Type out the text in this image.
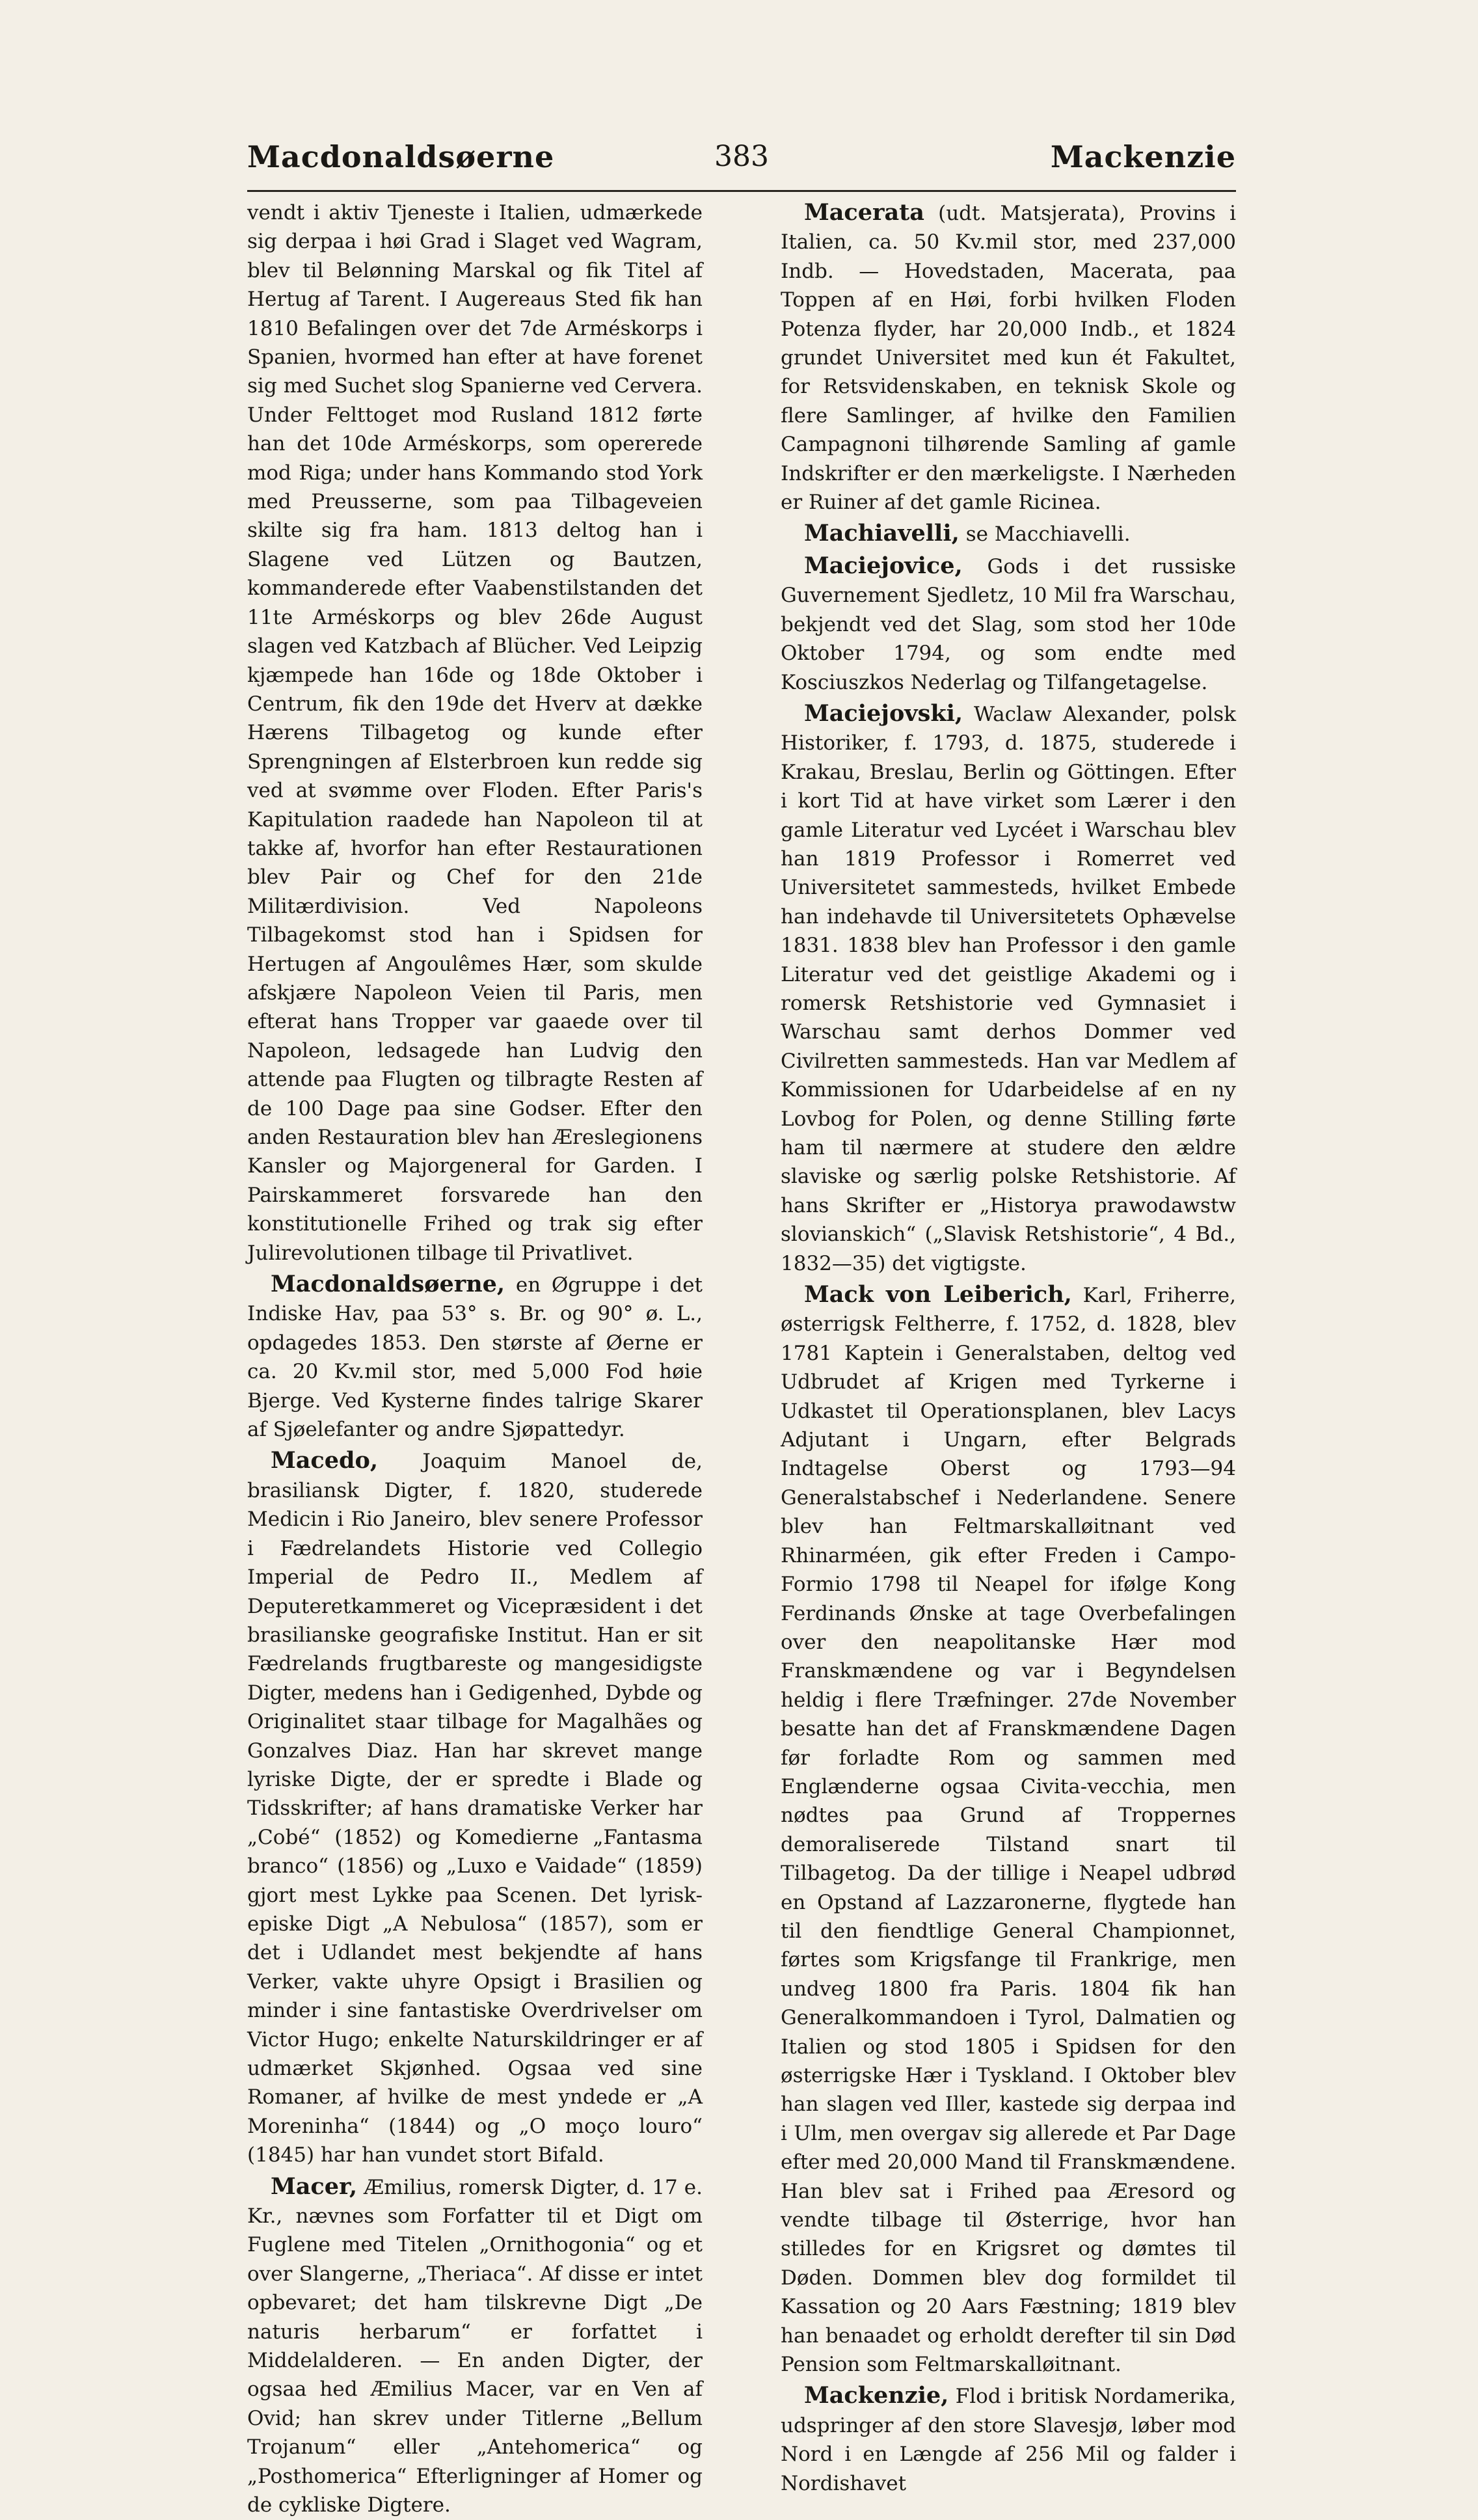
Macdonaldsøerne	383	Mackenzie

vendt i aktiv Tjeneste i Italien, udmærkede sig derpaa i høi Grad i Slaget ved Wagram, blev til Belønning Marskal og fik Titel af Hertug af Tarent. I Augereaus Sted fik han 1810 Befalingen over det 7de Arméskorps i Spanien, hvormed han efter at have forenet sig med Suchet slog Spanierne ved Cervera. Under Felttoget mod Rusland 1812 førte han det 10de Arméskorps, som opererede mod Riga; under hans Kommando stod York med Preusserne, som paa Tilbageveien skilte sig fra ham. 1813 deltog han i Slagene ved Lützen og Bautzen, kommanderede efter Vaabenstilstanden det 11te Arméskorps og blev 26de August slagen ved Katzbach af Blücher. Ved Leipzig kjæmpede han 16de og 18de Oktober i Centrum, fik den 19de det Hverv at dække Hærens Tilbagetog og kunde efter Sprengningen af Elsterbroen kun redde sig ved at svømme over Floden. Efter Paris's Kapitulation raadede han Napoleon til at takke af, hvorfor han efter Restaurationen blev Pair og Chef for den 21de Militærdivision. Ved Napoleons Tilbagekomst stod han i Spidsen for Hertugen af Angoulêmes Hær, som skulde afskjære Napoleon Veien til Paris, men efterat hans Tropper var gaaede over til Napoleon, ledsagede han Ludvig den attende paa Flugten og tilbragte Resten af de 100 Dage paa sine Godser. Efter den anden Restauration blev han Æreslegionens Kansler og Majorgeneral for Garden. I Pairskammeret forsvarede han den konstitutionelle Frihed og trak sig efter Julirevolutionen tilbage til Privatlivet.

Macdonaldsøerne, en Øgruppe i det Indiske Hav, paa 53° s. Br. og 90° ø. L., opdagedes 1853. Den største af Øerne er ca. 20 Kv.mil stor, med 5,000 Fod høie Bjerge. Ved Kysterne findes talrige Skarer af Sjøelefanter og andre Sjøpattedyr.

Macedo, Joaquim Manoel de, brasiliansk Digter, f. 1820, studerede Medicin i Rio Janeiro, blev senere Professor i Fædrelandets Historie ved Collegio Imperial de Pedro II., Medlem af Deputeretkammeret og Vicepræsident i det brasilianske geografiske Institut. Han er sit Fædrelands frugtbareste og mangesidigste Digter, medens han i Gedigenhed, Dybde og Originalitet staar tilbage for Magalhães og Gonzalves Diaz. Han har skrevet mange lyriske Digte, der er spredte i Blade og Tidsskrifter; af hans dramatiske Verker har „Cobé“ (1852) og Komedierne „Fantasma branco“ (1856) og „Luxo e Vaidade“ (1859) gjort mest Lykke paa Scenen. Det lyrisk-episke Digt „A Nebulosa“ (1857), som er det i Udlandet mest bekjendte af hans Verker, vakte uhyre Opsigt i Brasilien og minder i sine fantastiske Overdrivelser om Victor Hugo; enkelte Naturskildringer er af udmærket Skjønhed. Ogsaa ved sine Romaner, af hvilke de mest yndede er „A Moreninha“ (1844) og „O moço louro“ (1845) har han vundet stort Bifald.

Macer, Æmilius, romersk Digter, d. 17 e. Kr., nævnes som Forfatter til et Digt om Fuglene med Titelen „Ornithogonia“ og et over Slangerne, „Theriaca“. Af disse er intet opbevaret; det ham tilskrevne Digt „De naturis herbarum“ er forfattet i Middelalderen. — En anden Digter, der ogsaa hed Æmilius Macer, var en Ven af Ovid; han skrev under Titlerne „Bellum Trojanum“ eller „Antehomerica“ og „Posthomerica“ Efterligninger af Homer og de cykliske Digtere.

Macerata (udt. Matsjerata), Provins i Italien, ca. 50 Kv.mil stor, med 237,000 Indb. — Hovedstaden, Macerata, paa Toppen af en Høi, forbi hvilken Floden Potenza flyder, har 20,000 Indb., et 1824 grundet Universitet med kun ét Fakultet, for Retsvidenskaben, en teknisk Skole og flere Samlinger, af hvilke den Familien Campagnoni tilhørende Samling af gamle Indskrifter er den mærkeligste. I Nærheden er Ruiner af det gamle Ricinea.

Machiavelli, se Macchiavelli.

Maciejovice, Gods i det russiske Guvernement Sjedletz, 10 Mil fra Warschau, bekjendt ved det Slag, som stod her 10de Oktober 1794, og som endte med Kosciuszkos Nederlag og Tilfangetagelse.

Maciejovski, Waclaw Alexander, polsk Historiker, f. 1793, d. 1875, studerede i Krakau, Breslau, Berlin og Göttingen. Efter i kort Tid at have virket som Lærer i den gamle Literatur ved Lycéet i Warschau blev han 1819 Professor i Romerret ved Universitetet sammesteds, hvilket Embede han indehavde til Universitetets Ophævelse 1831. 1838 blev han Professor i den gamle Literatur ved det geistlige Akademi og i romersk Retshistorie ved Gymnasiet i Warschau samt derhos Dommer ved Civilretten sammesteds. Han var Medlem af Kommissionen for Udarbeidelse af en ny Lovbog for Polen, og denne Stilling førte ham til nærmere at studere den ældre slaviske og særlig polske Retshistorie. Af hans Skrifter er „Historya prawodawstw slovianskich“ („Slavisk Retshistorie“, 4 Bd., 1832—35) det vigtigste.

Mack von Leiberich, Karl, Friherre, østerrigsk Feltherre, f. 1752, d. 1828, blev 1781 Kaptein i Generalstaben, deltog ved Udbrudet af Krigen med Tyrkerne i Udkastet til Operationsplanen, blev Lacys Adjutant i Ungarn, efter Belgrads Indtagelse Oberst og 1793—94 Generalstabschef i Nederlandene. Senere blev han Feltmarskalløitnant ved Rhinarméen, gik efter Freden i Campo-Formio 1798 til Neapel for ifølge Kong Ferdinands Ønske at tage Overbefalingen over den neapolitanske Hær mod Franskmændene og var i Begyndelsen heldig i flere Træfninger. 27de November besatte han det af Franskmændene Dagen før forladte Rom og sammen med Englænderne ogsaa Civita-vecchia, men nødtes paa Grund af Troppernes demoraliserede Tilstand snart til Tilbagetog. Da der tillige i Neapel udbrød en Opstand af Lazzaronerne, flygtede han til den fiendtlige General Championnet, førtes som Krigsfange til Frankrige, men undveg 1800 fra Paris. 1804 fik han Generalkommandoen i Tyrol, Dalmatien og Italien og stod 1805 i Spidsen for den østerrigske Hær i Tyskland. I Oktober blev han slagen ved Iller, kastede sig derpaa ind i Ulm, men overgav sig allerede et Par Dage efter med 20,000 Mand til Franskmændene. Han blev sat i Frihed paa Æresord og vendte tilbage til Østerrige, hvor han stilledes for en Krigsret og dømtes til Døden. Dommen blev dog formildet til Kassation og 20 Aars Fæstning; 1819 blev han benaadet og erholdt derefter til sin Død Pension som Feltmarskalløitnant.

Mackenzie, Flod i britisk Nordamerika, udspringer af den store Slavesjø, løber mod Nord i en Længde af 256 Mil og falder i Nordishavet
